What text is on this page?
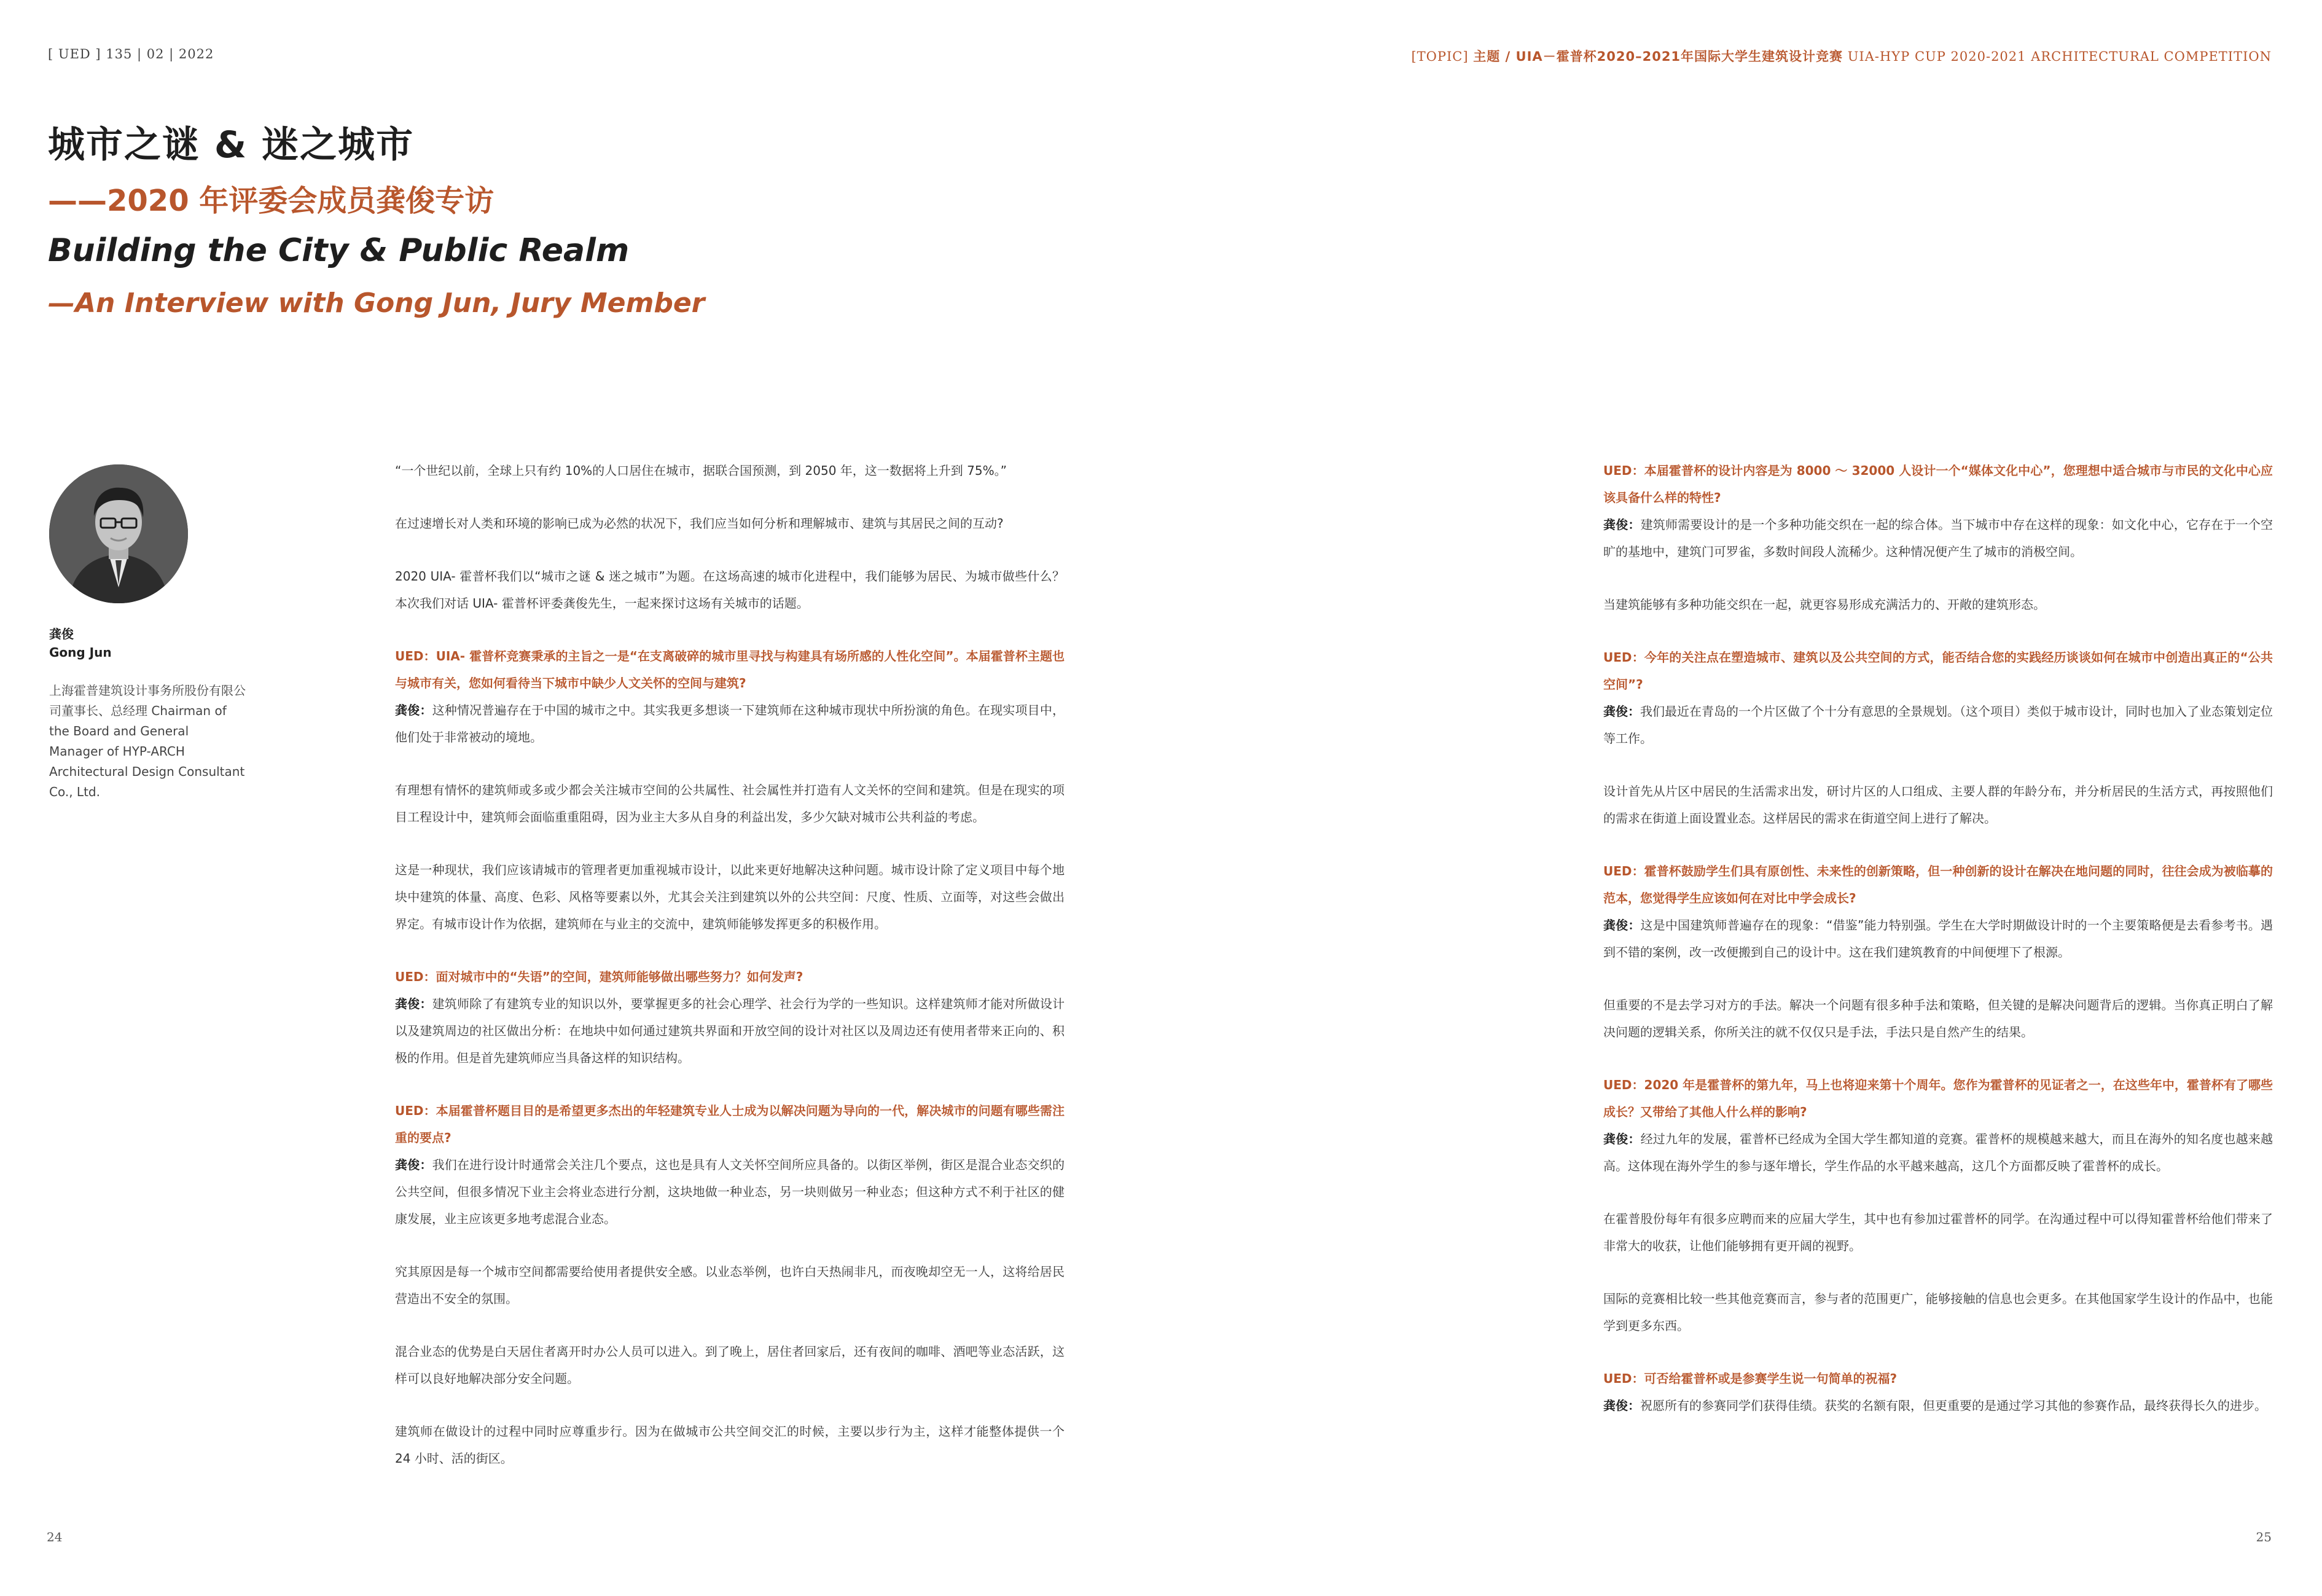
[ UED ] 135 | 02 | 2022	[TOPIC] 主题 / UIA－霍普杯2020–2021年国际大学生建筑设计竞赛 UIA-HYP CUP 2020-2021 ARCHITECTURAL COMPETITION
城市之谜 & 迷之城市
——2020 年评委会成员龚俊专访
Building the City & Public Realm
—An Interview with Gong Jun, Jury Member
龚俊
Gong Jun

上海霍普建筑设计事务所股份有限公司董事长、总经理 Chairman of the Board and General Manager of HYP-ARCH Architectural Design Consultant Co., Ltd.

“一个世纪以前，全球上只有约 10%的人口居住在城市，据联合国预测，到 2050 年，这一数据将上升到 75%。”

在过速增长对人类和环境的影响已成为必然的状况下，我们应当如何分析和理解城市、建筑与其居民之间的互动?

2020 UIA- 霍普杯我们以“城市之谜 & 迷之城市”为题。在这场高速的城市化进程中，我们能够为居民、为城市做些什么？本次我们对话 UIA- 霍普杯评委龚俊先生，一起来探讨这场有关城市的话题。

UED：UIA- 霍普杯竞赛秉承的主旨之一是“在支离破碎的城市里寻找与构建具有场所感的人性化空间”。本届霍普杯主题也与城市有关，您如何看待当下城市中缺少人文关怀的空间与建筑?

龚俊：这种情况普遍存在于中国的城市之中。其实我更多想谈一下建筑师在这种城市现状中所扮演的角色。在现实项目中，他们处于非常被动的境地。

有理想有情怀的建筑师或多或少都会关注城市空间的公共属性、社会属性并打造有人文关怀的空间和建筑。但是在现实的项目工程设计中，建筑师会面临重重阻碍，因为业主大多从自身的利益出发，多少欠缺对城市公共利益的考虑。

这是一种现状，我们应该请城市的管理者更加重视城市设计，以此来更好地解决这种问题。城市设计除了定义项目中每个地块中建筑的体量、高度、色彩、风格等要素以外，尤其会关注到建筑以外的公共空间：尺度、性质、立面等，对这些会做出界定。有城市设计作为依据，建筑师在与业主的交流中，建筑师能够发挥更多的积极作用。

UED：面对城市中的“失语”的空间，建筑师能够做出哪些努力？如何发声?

龚俊：建筑师除了有建筑专业的知识以外，要掌握更多的社会心理学、社会行为学的一些知识。这样建筑师才能对所做设计以及建筑周边的社区做出分析：在地块中如何通过建筑共界面和开放空间的设计对社区以及周边还有使用者带来正向的、积极的作用。但是首先建筑师应当具备这样的知识结构。

UED：本届霍普杯题目目的是希望更多杰出的年轻建筑专业人士成为以解决问题为导向的一代，解决城市的问题有哪些需注重的要点?

龚俊：我们在进行设计时通常会关注几个要点，这也是具有人文关怀空间所应具备的。以街区举例，街区是混合业态交织的公共空间，但很多情况下业主会将业态进行分割，这块地做一种业态，另一块则做另一种业态；但这种方式不利于社区的健康发展，业主应该更多地考虑混合业态。

究其原因是每一个城市空间都需要给使用者提供安全感。以业态举例，也许白天热闹非凡，而夜晚却空无一人，这将给居民营造出不安全的氛围。

混合业态的优势是白天居住者离开时办公人员可以进入。到了晚上，居住者回家后，还有夜间的咖啡、酒吧等业态活跃，这样可以良好地解决部分安全问题。

建筑师在做设计的过程中同时应尊重步行。因为在做城市公共空间交汇的时候，主要以步行为主，这样才能整体提供一个 24 小时、活的街区。

UED：本届霍普杯的设计内容是为 8000 ～ 32000 人设计一个“媒体文化中心”，您理想中适合城市与市民的文化中心应该具备什么样的特性?

龚俊：建筑师需要设计的是一个多种功能交织在一起的综合体。当下城市中存在这样的现象：如文化中心，它存在于一个空旷的基地中，建筑门可罗雀，多数时间段人流稀少。这种情况便产生了城市的消极空间。

当建筑能够有多种功能交织在一起，就更容易形成充满活力的、开敞的建筑形态。

UED：今年的关注点在塑造城市、建筑以及公共空间的方式，能否结合您的实践经历谈谈如何在城市中创造出真正的“公共空间”?

龚俊：我们最近在青岛的一个片区做了个十分有意思的全景规划。（这个项目）类似于城市设计，同时也加入了业态策划定位等工作。

设计首先从片区中居民的生活需求出发，研讨片区的人口组成、主要人群的年龄分布，并分析居民的生活方式，再按照他们的需求在街道上面设置业态。这样居民的需求在街道空间上进行了解决。

UED：霍普杯鼓励学生们具有原创性、未来性的创新策略，但一种创新的设计在解决在地问题的同时，往往会成为被临摹的范本，您觉得学生应该如何在对比中学会成长?

龚俊：这是中国建筑师普遍存在的现象：“借鉴”能力特别强。学生在大学时期做设计时的一个主要策略便是去看参考书。遇到不错的案例，改一改便搬到自己的设计中。这在我们建筑教育的中间便埋下了根源。

但重要的不是去学习对方的手法。解决一个问题有很多种手法和策略，但关键的是解决问题背后的逻辑。当你真正明白了解决问题的逻辑关系，你所关注的就不仅仅只是手法，手法只是自然产生的结果。

UED：2020 年是霍普杯的第九年，马上也将迎来第十个周年。您作为霍普杯的见证者之一，在这些年中，霍普杯有了哪些成长？又带给了其他人什么样的影响?

龚俊：经过九年的发展，霍普杯已经成为全国大学生都知道的竞赛。霍普杯的规模越来越大，而且在海外的知名度也越来越高。这体现在海外学生的参与逐年增长，学生作品的水平越来越高，这几个方面都反映了霍普杯的成长。

在霍普股份每年有很多应聘而来的应届大学生，其中也有参加过霍普杯的同学。在沟通过程中可以得知霍普杯给他们带来了非常大的收获，让他们能够拥有更开阔的视野。

国际的竞赛相比较一些其他竞赛而言，参与者的范围更广，能够接触的信息也会更多。在其他国家学生设计的作品中，也能学到更多东西。

UED：可否给霍普杯或是参赛学生说一句简单的祝福?

龚俊：祝愿所有的参赛同学们获得佳绩。获奖的名额有限，但更重要的是通过学习其他的参赛作品，最终获得长久的进步。

24	25
